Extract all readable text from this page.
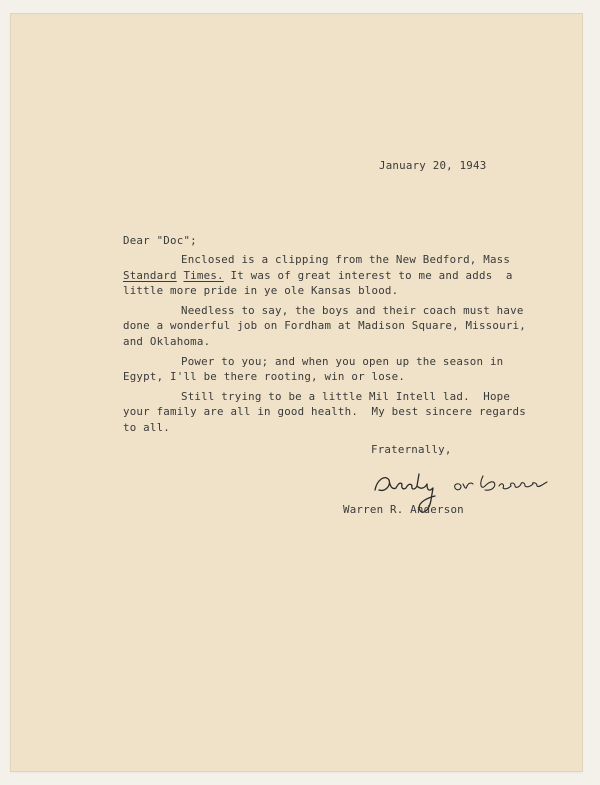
January 20, 1943
Dear "Doc";
Enclosed is a clipping from the New Bedford, Mass
Standard Times. It was of great interest to me and adds  a
little more pride in ye ole Kansas blood.
Needless to say, the boys and their coach must have
done a wonderful job on Fordham at Madison Square, Missouri,
and Oklahoma.
Power to you; and when you open up the season in
Egypt, I'll be there rooting, win or lose.
Still trying to be a little Mil Intell lad.  Hope
your family are all in good health.  My best sincere regards
to all.
Fraternally,
Warren R. Anderson
